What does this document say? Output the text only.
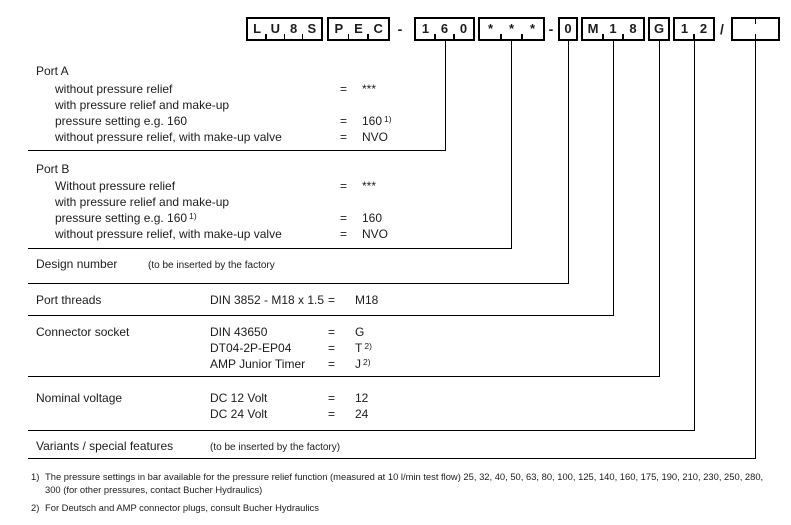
L U 8 S	P E C	-	1 6 0	*	*	* - 0	M 1 8	G	1 2 /
Port A
without pressure relief	= ***
with pressure relief and make-up
pressure setting e.g. 160	= 160 $^{1)}$
without pressure relief, with make-up valve	= NVO
Port B
Without pressure relief	= ***
with pressure relief and make-up
pressure setting e.g. 160 $^{1)}$	= 160
without pressure relief, with make-up valve	= NVO
Design number	(to be inserted by the factory
Port threads	DIN 3852 - M18 x 1.5 = M18
Connector socket	DIN 43650	= G
DT04-2P-EP04	= T $^{2)}$
AMP Junior Timer = J $^{2)}$
Nominal voltage	DC 12 Volt	= 12
DC 24 Volt	= 24
Variants / special features	(to be inserted by the factory)
1) The pressure settings in bar available for the pressure relief function (measured at 10 l/min test flow) 25, 32, 40, 50, 63, 80, 100, 125, 140, 160, 175, 190, 210, 230, 250, 280, 300 (for other pressures, contact Bucher Hydraulics)
2) For Deutsch and AMP connector plugs, consult Bucher Hydraulics
